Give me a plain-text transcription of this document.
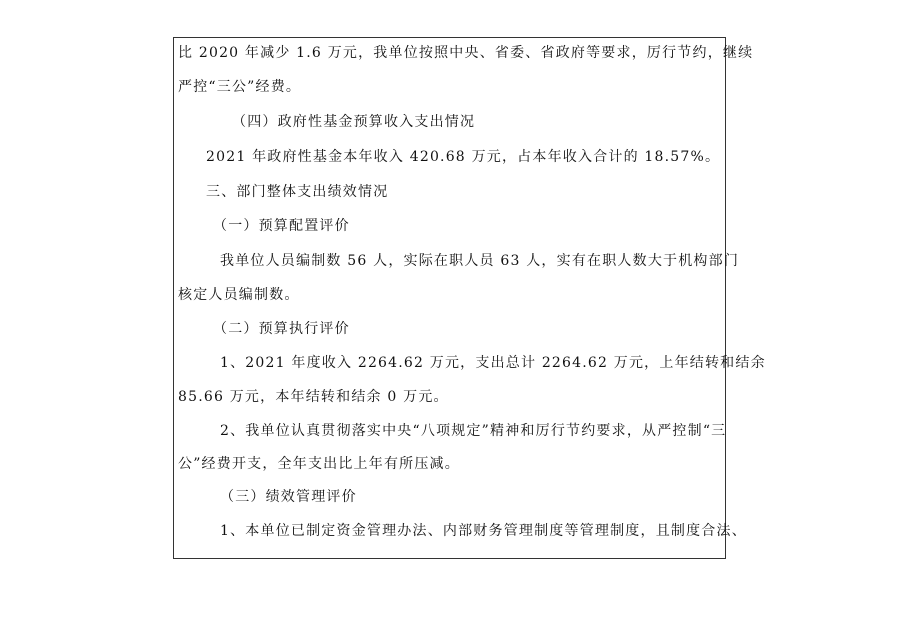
比 2020 年减少 1.6 万元，我单位按照中央、省委、省政府等要求，厉行节约，继续
严控“三公”经费。
（四）政府性基金预算收入支出情况
2021 年政府性基金本年收入 420.68 万元，占本年收入合计的 18.57%。
三、部门整体支出绩效情况
（一）预算配置评价
我单位人员编制数 56 人，实际在职人员 63 人，实有在职人数大于机构部门
核定人员编制数。
（二）预算执行评价
1、2021 年度收入 2264.62 万元，支出总计 2264.62 万元，上年结转和结余
85.66 万元，本年结转和结余 0 万元。
2、我单位认真贯彻落实中央“八项规定”精神和厉行节约要求，从严控制“三
公”经费开支，全年支出比上年有所压减。
（三）绩效管理评价
1、本单位已制定资金管理办法、内部财务管理制度等管理制度，且制度合法、
